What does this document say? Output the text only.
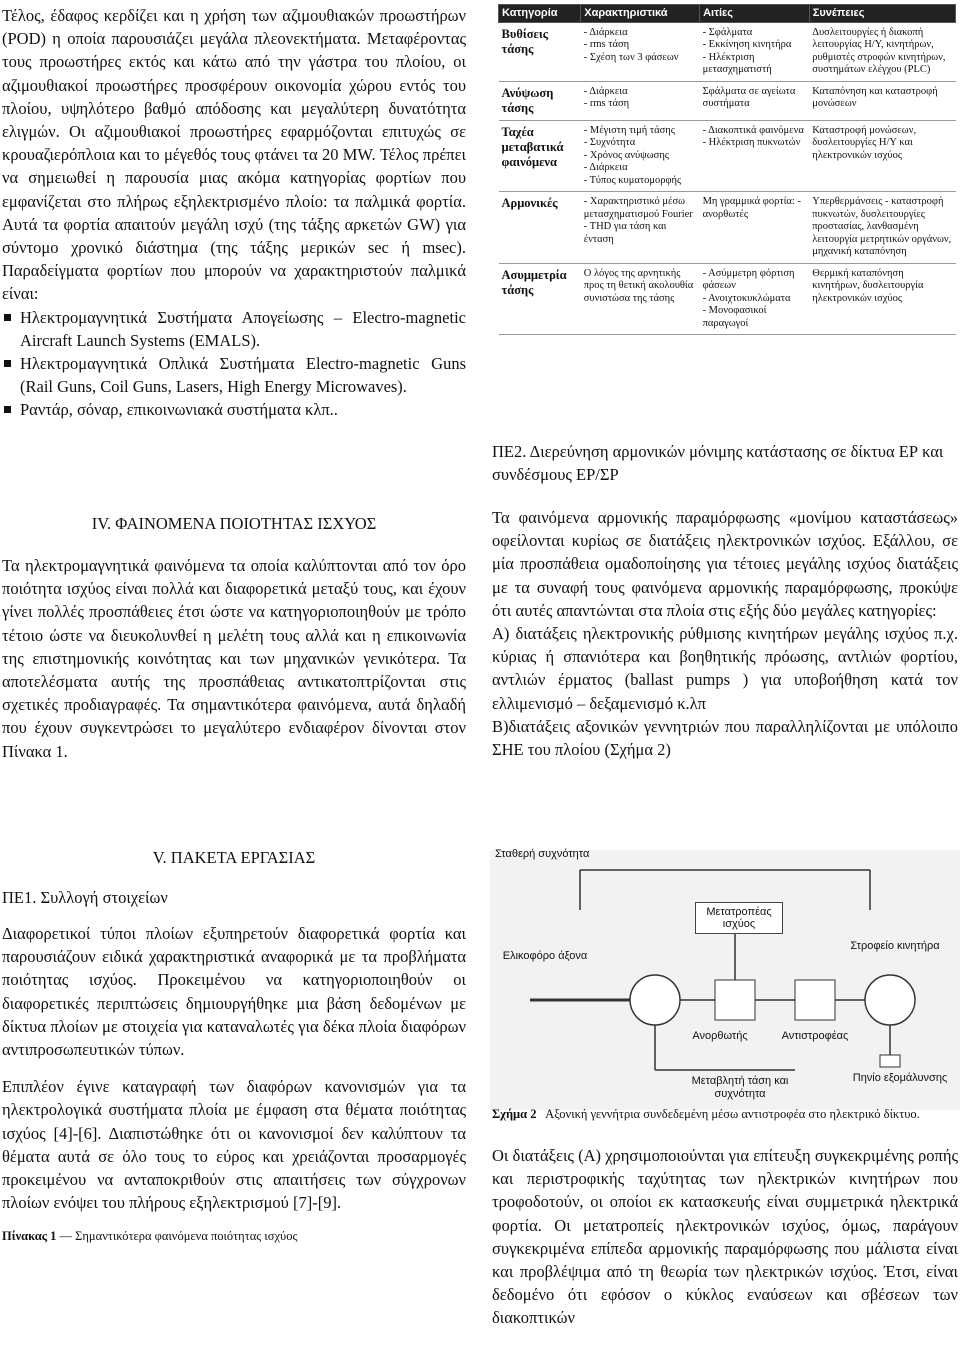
Τέλος, έδαφος κερδίζει και η χρήση των αζιμουθιακών προωστήρων (POD) η οποία παρουσιάζει μεγάλα πλεονεκτήματα. Μεταφέροντας τους προωστήρες εκτός και κάτω από την γάστρα του πλοίου, οι αζιμουθιακοί προωστήρες προσφέρουν οικονομία χώρου εντός του πλοίου, υψηλότερο βαθμό απόδοσης και μεγαλύτερη δυνατότητα ελιγμών. Οι αζιμουθιακοί προωστήρες εφαρμόζονται επιτυχώς σε κρουαζιερόπλοια και το μέγεθός τους φτάνει τα 20 MW. Τέλος πρέπει να σημειωθεί η παρουσία μιας ακόμα κατηγορίας φορτίων που εμφανίζεται στο πλήρως εξηλεκτρισμένο πλοίο: τα παλμικά φορτία. Αυτά τα φορτία απαιτούν μεγάλη ισχύ (της τάξης αρκετών GW) για σύντομο χρονικό διάστημα (της τάξης μερικών sec ή msec). Παραδείγματα φορτίων που μπορούν να χαρακτηριστούν παλμικά είναι:

Ηλεκτρομαγνητικά Συστήματα Απογείωσης – Electro-magnetic Aircraft Launch Systems (EMALS).
Ηλεκτρομαγνητικά Οπλικά Συστήματα Electro-magnetic Guns (Rail Guns, Coil Guns, Lasers, High Energy Microwaves).
Ραντάρ, σόναρ, επικοινωνιακά συστήματα κλπ..

IV. ΦΑΙΝΟΜΕΝΑ ΠΟΙΟΤΗΤΑΣ ΙΣΧΥΟΣ

Τα ηλεκτρομαγνητικά φαινόμενα τα οποία καλύπτονται από τον όρο ποιότητα ισχύος είναι πολλά και διαφορετικά μεταξύ τους, και έχουν γίνει πολλές προσπάθειες έτσι ώστε να κατηγοριοποιηθούν με τρόπο τέτοιο ώστε να διευκολυνθεί η μελέτη τους αλλά και η επικοινωνία της επιστημονικής κοινότητας και των μηχανικών γενικότερα. Τα αποτελέσματα αυτής της προσπάθειας αντικατοπτρίζονται στις σχετικές προδιαγραφές. Τα σημαντικότερα φαινόμενα, αυτά δηλαδή που έχουν συγκεντρώσει το μεγαλύτερο ενδιαφέρον δίνονται στον Πίνακα 1.

V. ΠΑΚΕΤΑ ΕΡΓΑΣΙΑΣ

ΠΕ1. Συλλογή στοιχείων

Διαφορετικοί τύποι πλοίων εξυπηρετούν διαφορετικά φορτία και παρουσιάζουν ειδικά χαρακτηριστικά αναφορικά με τα προβλήματα ποιότητας ισχύος. Προκειμένου να κατηγοριοποιηθούν οι διαφορετικές περιπτώσεις δημιουργήθηκε μια βάση δεδομένων με δίκτυα πλοίων με στοιχεία για καταναλωτές για δέκα πλοία διαφόρων αντιπροσωπευτικών τύπων.

Επιπλέον έγινε καταγραφή των διαφόρων κανονισμών για τα ηλεκτρολογικά συστήματα πλοία με έμφαση στα θέματα ποιότητας ισχύος [4]-[6]. Διαπιστώθηκε ότι οι κανονισμοί δεν καλύπτουν τα θέματα αυτά σε όλο τους το εύρος και χρειάζονται προσαρμογές προκειμένου να ανταποκριθούν στις απαιτήσεις των σύγχρονων πλοίων ενόψει του πλήρους εξηλεκτρισμού [7]-[9].

Πίνακας 1 — Σημαντικότερα φαινόμενα ποιότητας ισχύος

Κατηγορία	Χαρακτηριστικά	Αιτίες	Συνέπειες
Βυθίσεις τάσης	- Διάρκεια
- rms τάση
- Σχέση των 3 φάσεων	- Σφάλματα
- Εκκίνηση κινητήρα
- Ηλέκτριση μετασχηματιστή	Δυσλειτουργίες ή διακοπή λειτουργίας Η/Υ, κινητήρων, ρυθμιστές στροφών κινητήρων, συστημάτων ελέγχου (PLC)
Ανύψωση τάσης	- Διάρκεια
- rms τάση	Σφάλματα σε αγείωτα συστήματα	Καταπόνηση και καταστροφή μονώσεων
Ταχέα μεταβατικά φαινόμενα	- Μέγιστη τιμή τάσης
- Συχνότητα
- Χρόνος ανύψωσης
- Διάρκεια
- Τύπος κυματομορφής	- Διακοπτικά φαινόμενα
- Ηλέκτριση πυκνωτών	Καταστροφή μονώσεων, δυσλειτουργίες Η/Υ και ηλεκτρονικών ισχύος
Αρμονικές	- Χαρακτηριστικό μέσω μετασχηματισμού Fourier
- THD για τάση και ένταση	Μη γραμμικά φορτία: - ανορθωτές	Υπερθερμάνσεις - καταστροφή πυκνωτών, δυσλειτουργίες προστασίας, λανθασμένη λειτουργία μετρητικών οργάνων, μηχανική καταπόνηση
Ασυμμετρία τάσης	Ο λόγος της αρνητικής προς τη θετική ακολουθία συνιστώσα της τάσης	- Ασύμμετρη φόρτιση φάσεων
- Ανοιχτοκυκλώματα
- Μονοφασικοί παραγωγοί	Θερμική καταπόνηση κινητήρων, δυσλειτουργία ηλεκτρονικών ισχύος

ΠΕ2. Διερεύνηση αρμονικών μόνιμης κατάστασης σε δίκτυα ΕΡ και συνδέσμους ΕΡ/ΣΡ

Τα φαινόμενα αρμονικής παραμόρφωσης «μονίμου καταστάσεως» οφείλονται κυρίως σε διατάξεις ηλεκτρονικών ισχύος. Εξάλλου, σε μία προσπάθεια ομαδοποίησης για τέτοιες μεγάλης ισχύος διατάξεις με τα συναφή τους φαινόμενα αρμονικής παραμόρφωσης, προκύψε ότι αυτές απαντώνται στα πλοία στις εξής δύο μεγάλες κατηγορίες:

Α) διατάξεις ηλεκτρονικής ρύθμισης κινητήρων μεγάλης ισχύος π.χ. κύριας ή σπανιότερα και βοηθητικής πρόωσης, αντλιών φορτίου, αντλιών έρματος (ballast pumps ) για υποβοήθηση κατά τον ελλιμενισμό – δεξαμενισμό κ.λπ

Β)διατάξεις αξονικών γεννητριών που παραλληλίζονται με υπόλοιπο ΣΗΕ του πλοίου (Σχήμα 2)

Σταθερή συχνότητα
Μετατροπέας ισχύος
Ελικοφόρο άξονα
Στροφείο κινητήρα
Ανορθωτής	Αντιστροφέας
Πηνίο εξομάλυνσης
Μεταβλητή τάση και συχνότητα

Σχήμα 2 Αξονική γεννήτρια συνδεδεμένη μέσω αντιστροφέα στο ηλεκτρικό δίκτυο.

Οι διατάξεις (Α) χρησιμοποιούνται για επίτευξη συγκεκριμένης ροπής και περιστροφικής ταχύτητας των ηλεκτρικών κινητήρων που τροφοδοτούν, οι οποίοι εκ κατασκευής είναι συμμετρικά ηλεκτρικά φορτία. Οι μετατροπείς ηλεκτρονικών ισχύος, όμως, παράγουν συγκεκριμένα επίπεδα αρμονικής παραμόρφωσης που μάλιστα είναι και προβλέψιμα από τη θεωρία των ηλεκτρικών ισχύος. Έτσι, είναι δεδομένο ότι εφόσον ο κύκλος εναύσεων και σβέσεων των διακοπτικών
